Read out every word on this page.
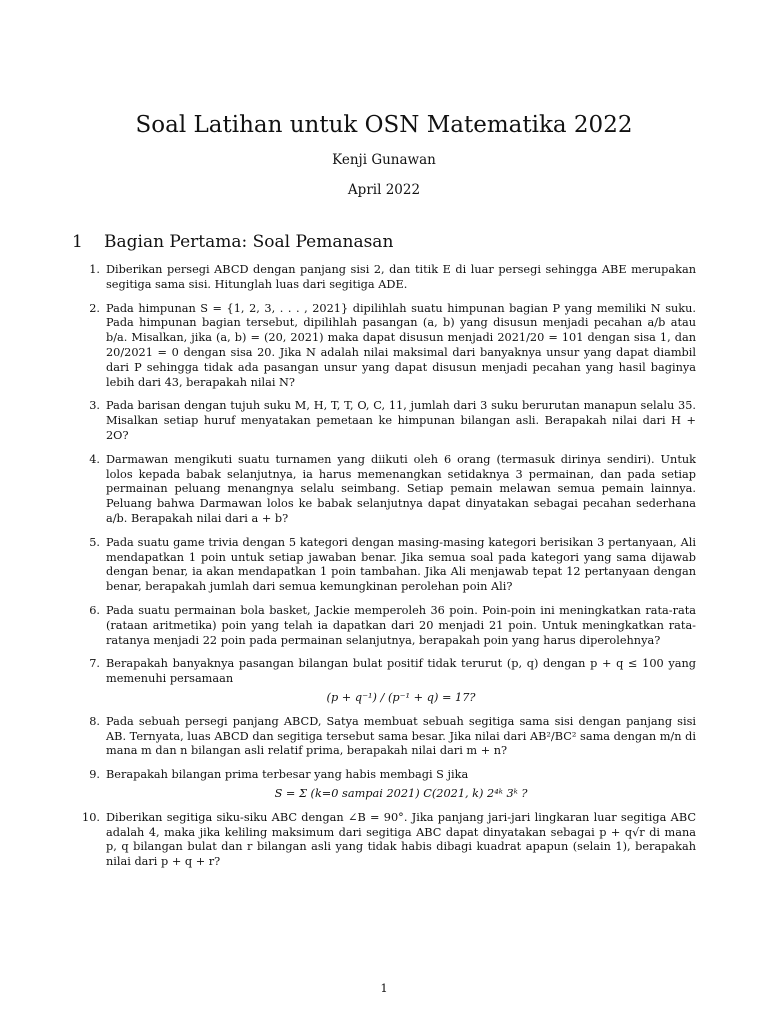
Soal Latihan untuk OSN Matematika 2022
Kenji Gunawan
April 2022
1 Bagian Pertama: Soal Pemanasan
1. Diberikan persegi ABCD dengan panjang sisi 2, dan titik E di luar persegi sehingga ABE merupakan segitiga sama sisi. Hitunglah luas dari segitiga ADE.
2. Pada himpunan S = {1, 2, 3, . . . , 2021} dipilihlah suatu himpunan bagian P yang memiliki N suku. Pada himpunan bagian tersebut, dipilihlah pasangan (a, b) yang disusun menjadi pecahan a/b atau b/a. Misalkan, jika (a, b) = (20, 2021) maka dapat disusun menjadi 2021/20 = 101 dengan sisa 1, dan 20/2021 = 0 dengan sisa 20. Jika N adalah nilai maksimal dari banyaknya unsur yang dapat diambil dari P sehingga tidak ada pasangan unsur yang dapat disusun menjadi pecahan yang hasil baginya lebih dari 43, berapakah nilai N?
3. Pada barisan dengan tujuh suku M, H, T, T, O, C, 11, jumlah dari 3 suku berurutan manapun selalu 35. Misalkan setiap huruf menyatakan pemetaan ke himpunan bilangan asli. Berapakah nilai dari H + 2O?
4. Darmawan mengikuti suatu turnamen yang diikuti oleh 6 orang (termasuk dirinya sendiri). Untuk lolos kepada babak selanjutnya, ia harus memenangkan setidaknya 3 permainan, dan pada setiap permainan peluang menangnya selalu seimbang. Setiap pemain melawan semua pemain lainnya. Peluang bahwa Darmawan lolos ke babak selanjutnya dapat dinyatakan sebagai pecahan sederhana a/b. Berapakah nilai dari a + b?
5. Pada suatu game trivia dengan 5 kategori dengan masing-masing kategori berisikan 3 pertanyaan, Ali mendapatkan 1 poin untuk setiap jawaban benar. Jika semua soal pada kategori yang sama dijawab dengan benar, ia akan mendapatkan 1 poin tambahan. Jika Ali menjawab tepat 12 pertanyaan dengan benar, berapakah jumlah dari semua kemungkinan perolehan poin Ali?
6. Pada suatu permainan bola basket, Jackie memperoleh 36 poin. Poin-poin ini meningkatkan rata-rata (rataan aritmetika) poin yang telah ia dapatkan dari 20 menjadi 21 poin. Untuk meningkatkan rata-ratanya menjadi 22 poin pada permainan selanjutnya, berapakah poin yang harus diperolehnya?
7. Berapakah banyaknya pasangan bilangan bulat positif tidak terurut (p, q) dengan p + q ≤ 100 yang memenuhi persamaan
(p + q⁻¹) / (p⁻¹ + q) = 17?
8. Pada sebuah persegi panjang ABCD, Satya membuat sebuah segitiga sama sisi dengan panjang sisi AB. Ternyata, luas ABCD dan segitiga tersebut sama besar. Jika nilai dari AB²/BC² sama dengan m/n di mana m dan n bilangan asli relatif prima, berapakah nilai dari m + n?
9. Berapakah bilangan prima terbesar yang habis membagi S jika
S = Σ (k=0 sampai 2021) C(2021, k) 2⁴ᵏ 3ᵏ ?
10. Diberikan segitiga siku-siku ABC dengan ∠B = 90°. Jika panjang jari-jari lingkaran luar segitiga ABC adalah 4, maka jika keliling maksimum dari segitiga ABC dapat dinyatakan sebagai p + q√r di mana p, q bilangan bulat dan r bilangan asli yang tidak habis dibagi kuadrat apapun (selain 1), berapakah nilai dari p + q + r?
1
